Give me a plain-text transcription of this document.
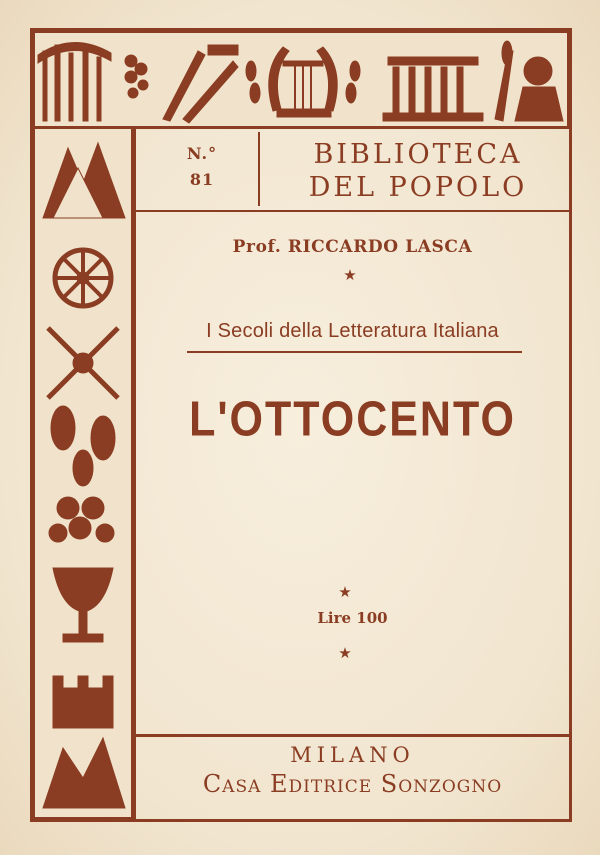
N.°
81
BIBLIOTECA
DEL POPOLO
Prof. RICCARDO LASCA
★
I Secoli della Letteratura Italiana
L'OTTOCENTO
★
Lire 100
★
MILANO
Casa Editrice Sonzogno
